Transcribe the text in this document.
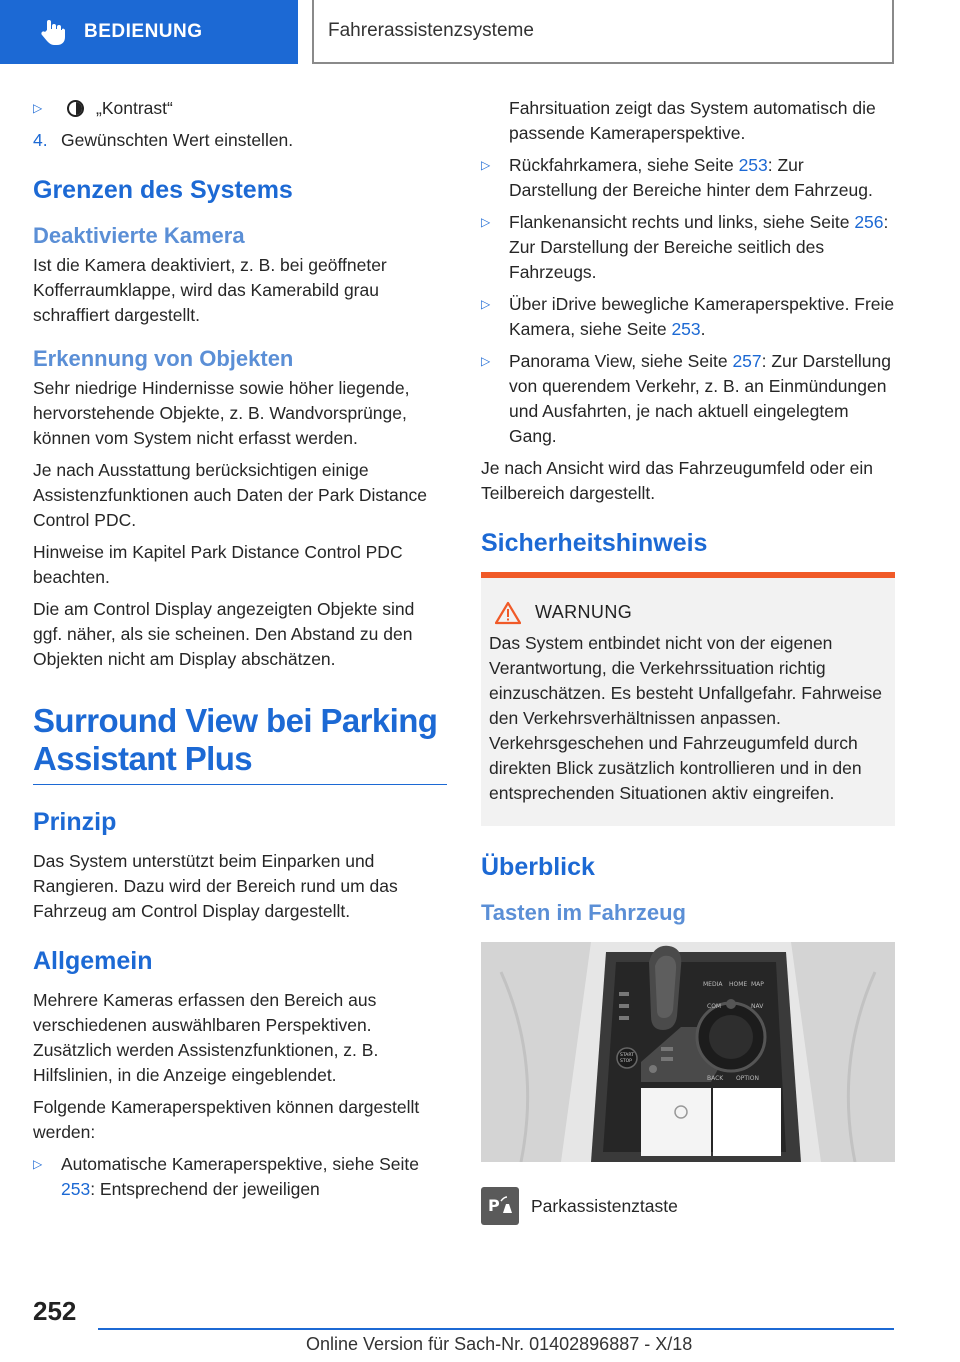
BEDIENUNG	Fahrerassistenzsysteme
▷	„Kontrast“
4. Gewünschten Wert einstellen.
Grenzen des Systems
Deaktivierte Kamera

Ist die Kamera deaktiviert, z. B. bei geöffneter Kofferraumklappe, wird das Kamerabild grau schraffiert dargestellt.

Erkennung von Objekten

Sehr niedrige Hindernisse sowie höher liegende, hervorstehende Objekte, z. B. Wandvorsprünge, können vom System nicht erfasst werden.

Je nach Ausstattung berücksichtigen einige Assistenzfunktionen auch Daten der Park Distance Control PDC.

Hinweise im Kapitel Park Distance Control PDC beachten.

Die am Control Display angezeigten Objekte sind ggf. näher, als sie scheinen. Den Abstand zu den Objekten nicht am Display abschätzen.

Surround View bei Parking Assistant Plus
Prinzip

Das System unterstützt beim Einparken und Rangieren. Dazu wird der Bereich rund um das Fahrzeug am Control Display dargestellt.

Allgemein

Mehrere Kameras erfassen den Bereich aus verschiedenen auswählbaren Perspektiven. Zusätzlich werden Assistenzfunktionen, z. B. Hilfslinien, in die Anzeige eingeblendet.

Folgende Kameraperspektiven können dargestellt werden:

▷ Automatische Kameraperspektive, siehe Seite 253: Entsprechend der jeweiligen

Fahrsituation zeigt das System automatisch die passende Kameraperspektive.

▷ Rückfahrkamera, siehe Seite 253: Zur Darstellung der Bereiche hinter dem Fahrzeug.
▷ Flankenansicht rechts und links, siehe Seite 256: Zur Darstellung der Bereiche seitlich des Fahrzeugs.
▷ Über iDrive bewegliche Kameraperspektive. Freie Kamera, siehe Seite 253.
▷ Panorama View, siehe Seite 257: Zur Darstellung von querendem Verkehr, z. B. an Einmündungen und Ausfahrten, je nach aktuell eingelegtem Gang.

Je nach Ansicht wird das Fahrzeugumfeld oder ein Teilbereich dargestellt.

Sicherheitshinweis
WARNUNG
Das System entbindet nicht von der eigenen Verantwortung, die Verkehrssituation richtig einzuschätzen. Es besteht Unfallgefahr. Fahrweise den Verkehrsverhältnissen anpassen. Verkehrsgeschehen und Fahrzeugumfeld durch direkten Blick zusätzlich kontrollieren und in den entsprechenden Situationen aktiv eingreifen.
Überblick
Tasten im Fahrzeug
MEDIA HOME MAP
COM	NAV
BACK OPTION
START
STOP
P Parkassistenztaste
252
Online Version für Sach-Nr. 01402896887 - X/18
